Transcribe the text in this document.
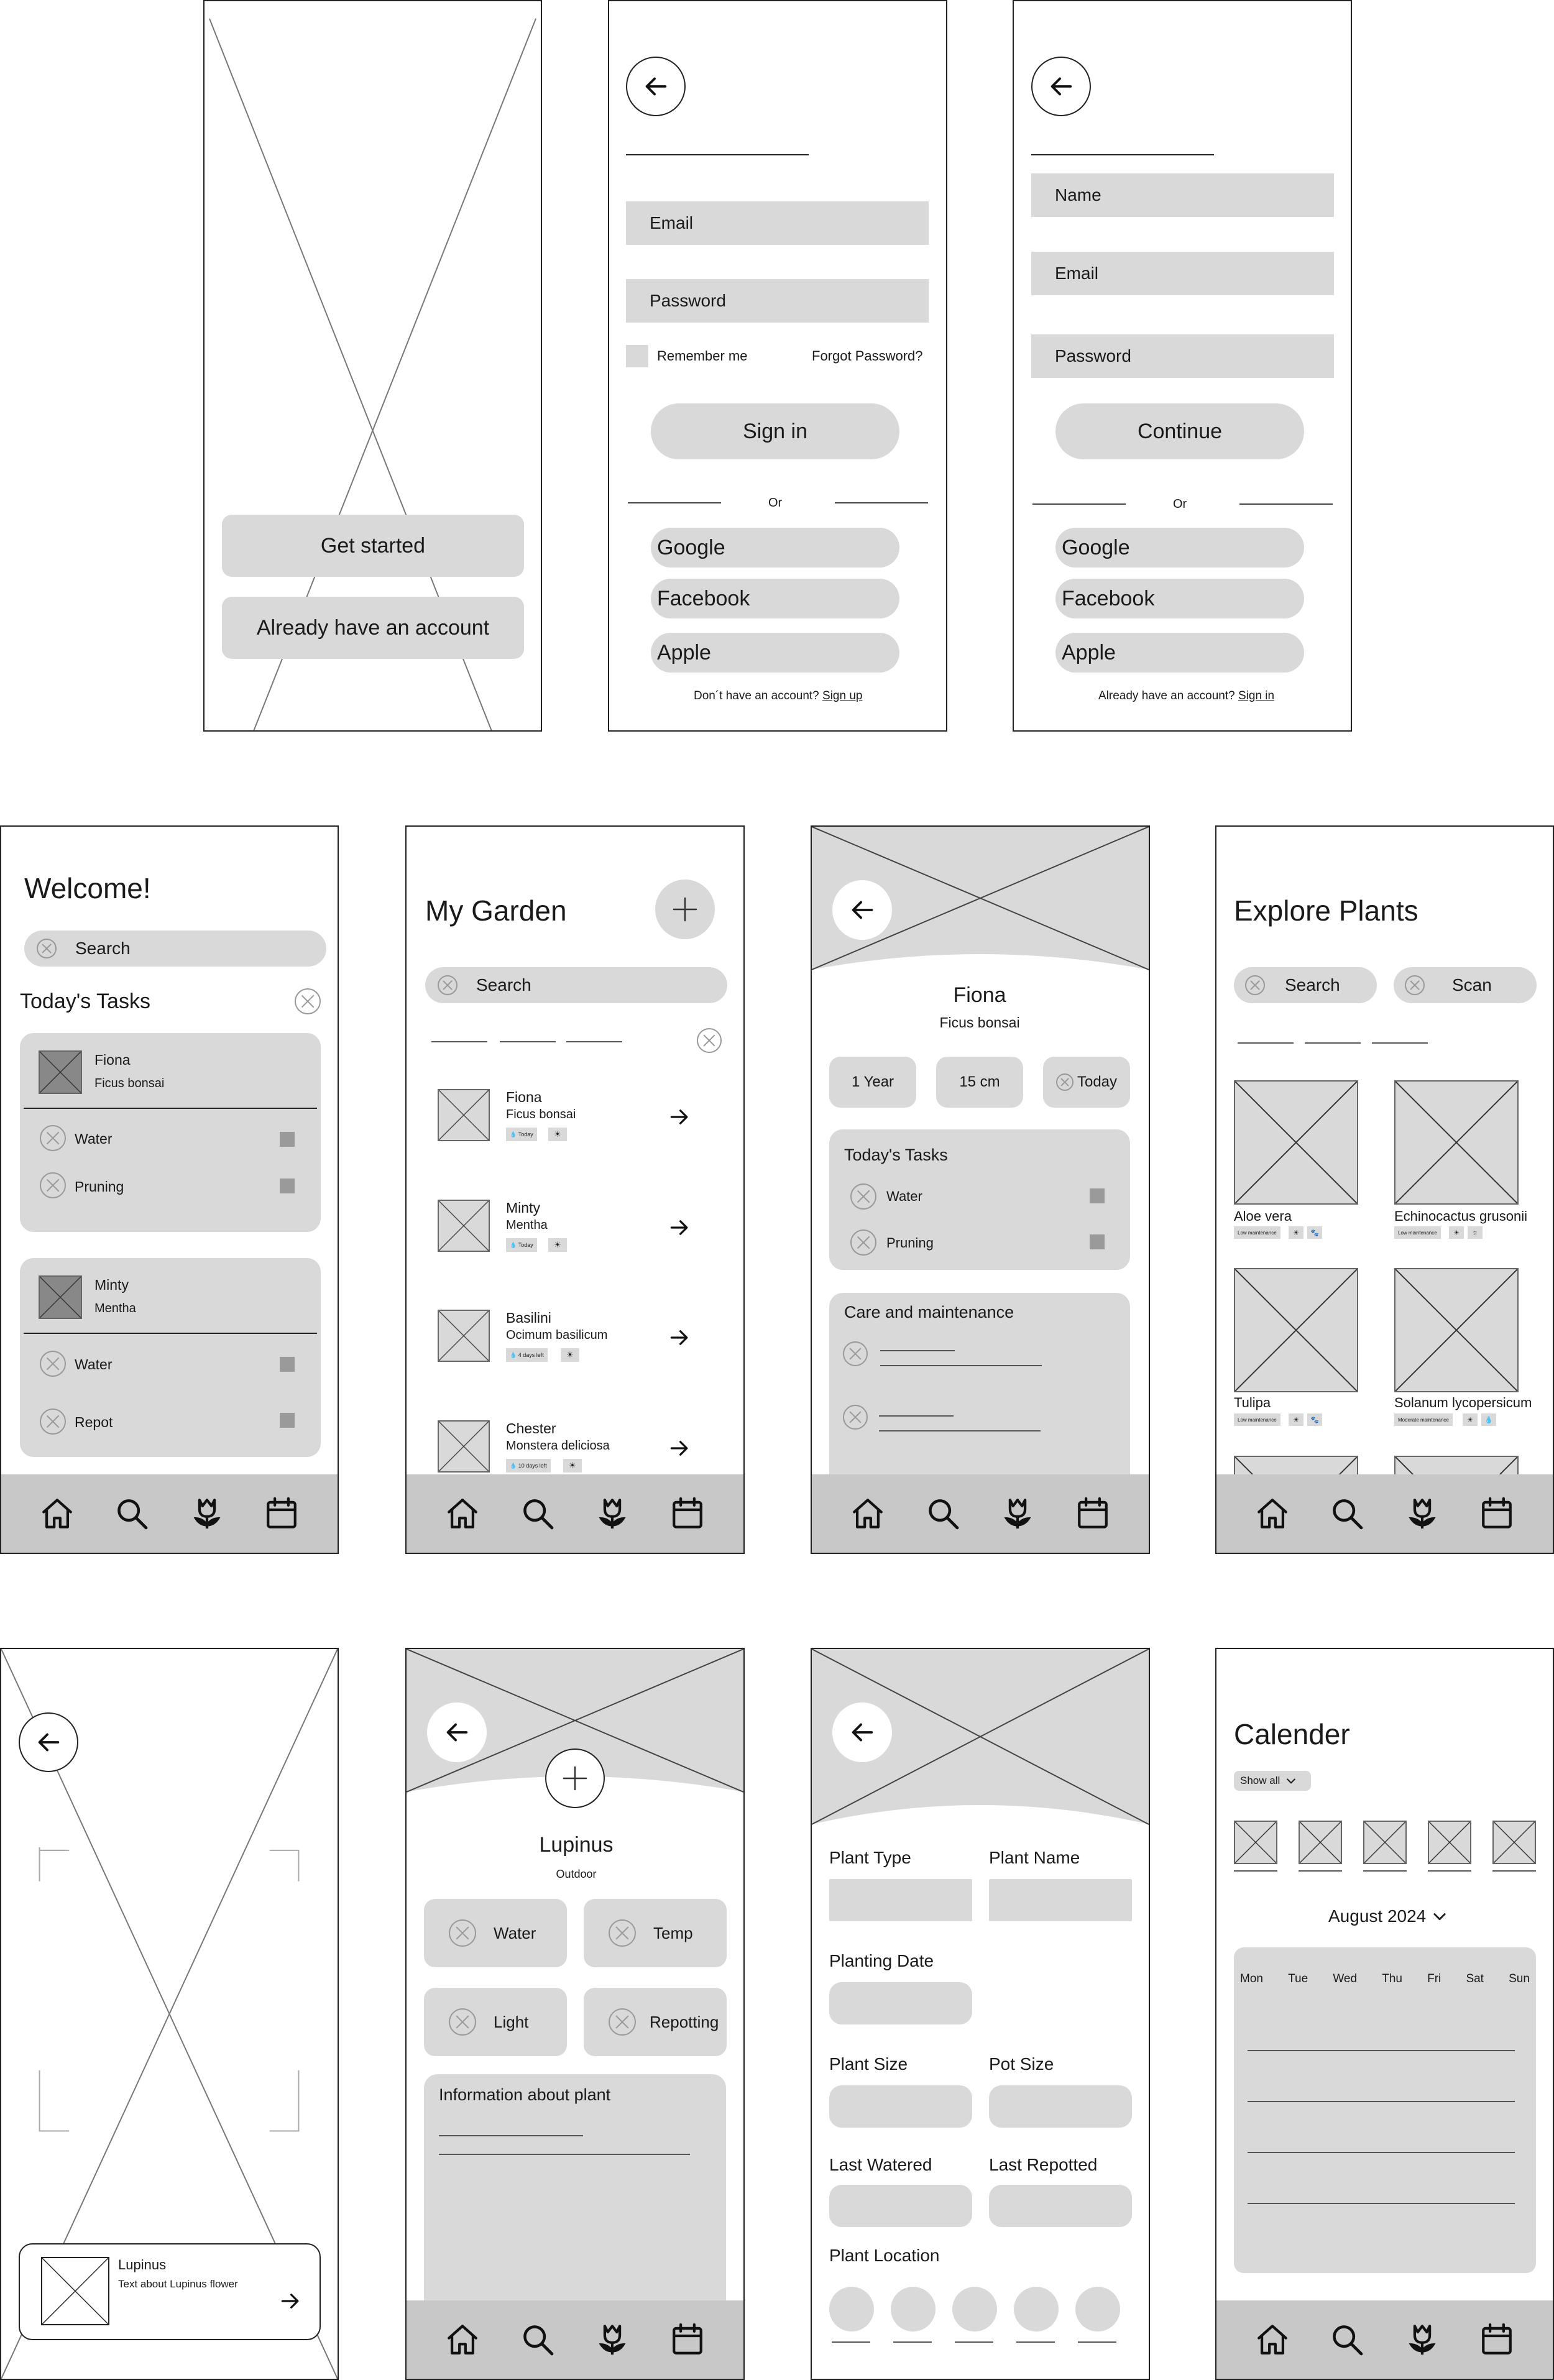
Get started
Already have an account
Email
Password
Remember me	Forgot Password?
Sign in
Or
Google
Facebook
Apple
Don´t have an account? Sign up
Name
Email
Password
Continue
Or
Google
Facebook
Apple
Already have an account? Sign in
Welcome!
Search
Today's Tasks
Fiona
Ficus bonsai
Water
Pruning
Minty
Mentha
Water
Repot
My Garden
Search
Fiona
Ficus bonsai
💧
Today	☀
Minty
Mentha
💧
Today	☀
Basilini
Ocimum basilicum
💧
4 days left	☀
Chester
Monstera deliciosa
💧
10 days left	☀
Fiona
Ficus bonsai
1 Year	15 cm	Today
Today's Tasks
Water
Pruning
Care and maintenance
Explore Plants
Search	Scan
Aloe vera
Low maintenance	☀	🐾
Echinocactus grusonii
Low maintenance	☀	☼
Tulipa
Low maintenance	☀	🐾
Solanum lycopersicum
Moderate maintenance	☀	💧
Lupinus
Text about Lupinus flower
Lupinus
Outdoor
Water	Temp
Light	Repotting
Information about plant
Plant Type	Plant Name
Planting Date
Plant Size	Pot Size
Last Watered	Last Repotted
Plant Location
Calender
Show all
August 2024
Mon Tue Wed Thu Fri Sat Sun
